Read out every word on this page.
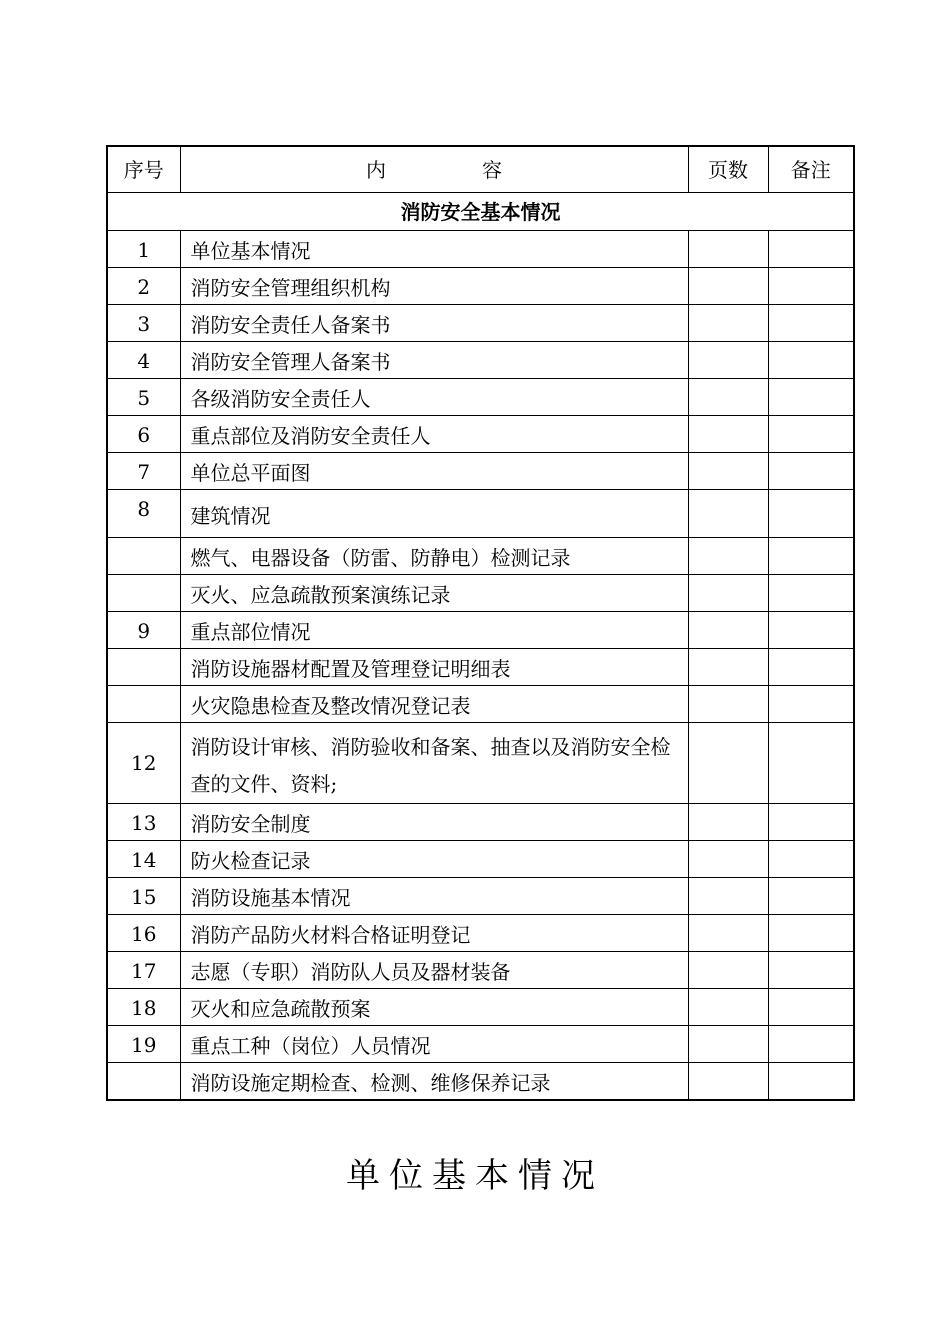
序号	内 容	页数	备注
消防安全基本情况			
1	单位基本情况		
2	消防安全管理组织机构		
3	消防安全责任人备案书		
4	消防安全管理人备案书		
5	各级消防安全责任人		
6	重点部位及消防安全责任人		
7	单位总平面图		
8	建筑情况		
	燃气、电器设备（防雷、防静电）检测记录		
	灭火、应急疏散预案演练记录		
9	重点部位情况		
	消防设施器材配置及管理登记明细表		
	火灾隐患检查及整改情况登记表		
12	消防设计审核、消防验收和备案、抽查以及消防安全检查的文件、资料;		
13	消防安全制度		
14	防火检查记录		
15	消防设施基本情况		
16	消防产品防火材料合格证明登记		
17	志愿（专职）消防队人员及器材装备		
18	灭火和应急疏散预案		
19	重点工种（岗位）人员情况		
	消防设施定期检查、检测、维修保养记录		
单位基本情况
